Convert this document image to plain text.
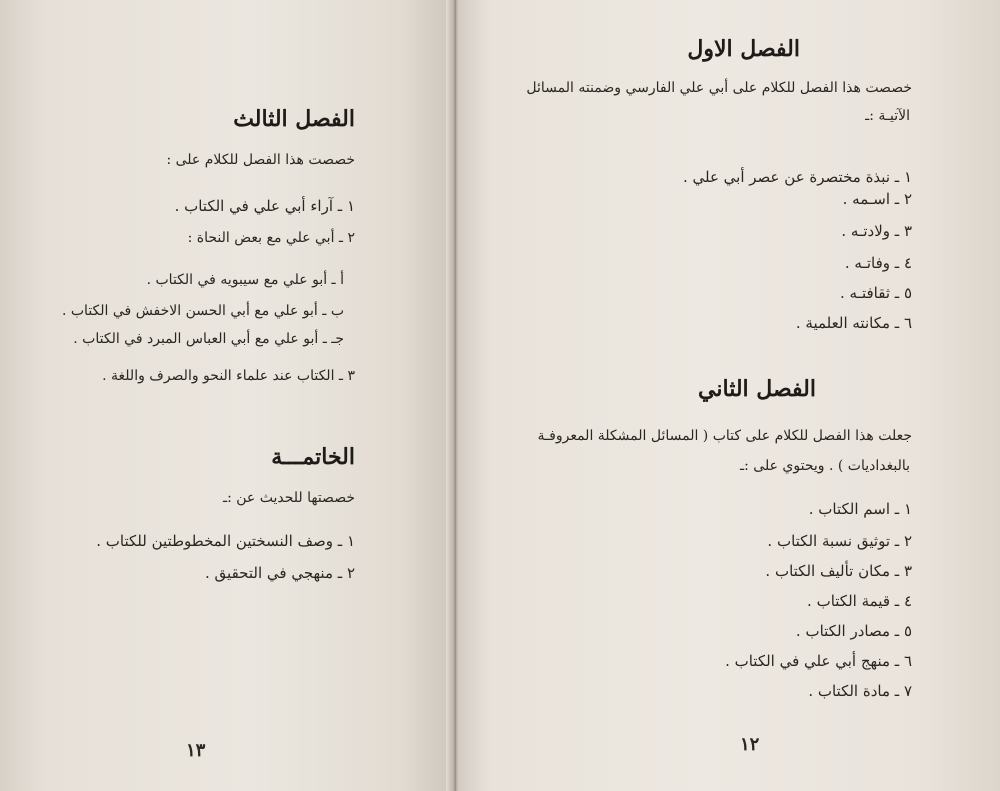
الفصل الثالث
خصصت هذا الفصل للكلام على :
١ ـ آراء أبي علي في الكتاب .
٢ ـ أبي علي مع بعض النحاة :
أ ـ أبو علي مع سيبويه في الكتاب .
ب ـ أبو علي مع أبي الحسن الاخفش في الكتاب .
جـ ـ أبو علي مع أبي العباس المبرد في الكتاب .
٣ ـ الكتاب عند علماء النحو والصرف واللغة .
الخاتمـــة
خصصتها للحديث عن :ـ
١ ـ وصف النسختين المخطوطتين للكتاب .
٢ ـ منهجي في التحقيق .
١٣
الفصل الاول
خصصت هذا الفصل للكلام على أبي علي الفارسي وضمنته المسائل
الآتيـة :ـ
١ ـ نبذة مختصرة عن عصر أبي علي .
٢ ـ اسـمه .
٣ ـ ولادتـه .
٤ ـ وفاتـه .
٥ ـ ثقافتـه .
٦ ـ مكانته العلمية .
الفصل الثاني
جعلت هذا الفصل للكلام على كتاب ( المسائل المشكلة المعروفـة
بالبغداديات ) . ويحتوي على :ـ
١ ـ اسم الكتاب .
٢ ـ توثيق نسبة الكتاب .
٣ ـ مكان تأليف الكتاب .
٤ ـ قيمة الكتاب .
٥ ـ مصادر الكتاب .
٦ ـ منهج أبي علي في الكتاب .
٧ ـ مادة الكتاب .
١٢
